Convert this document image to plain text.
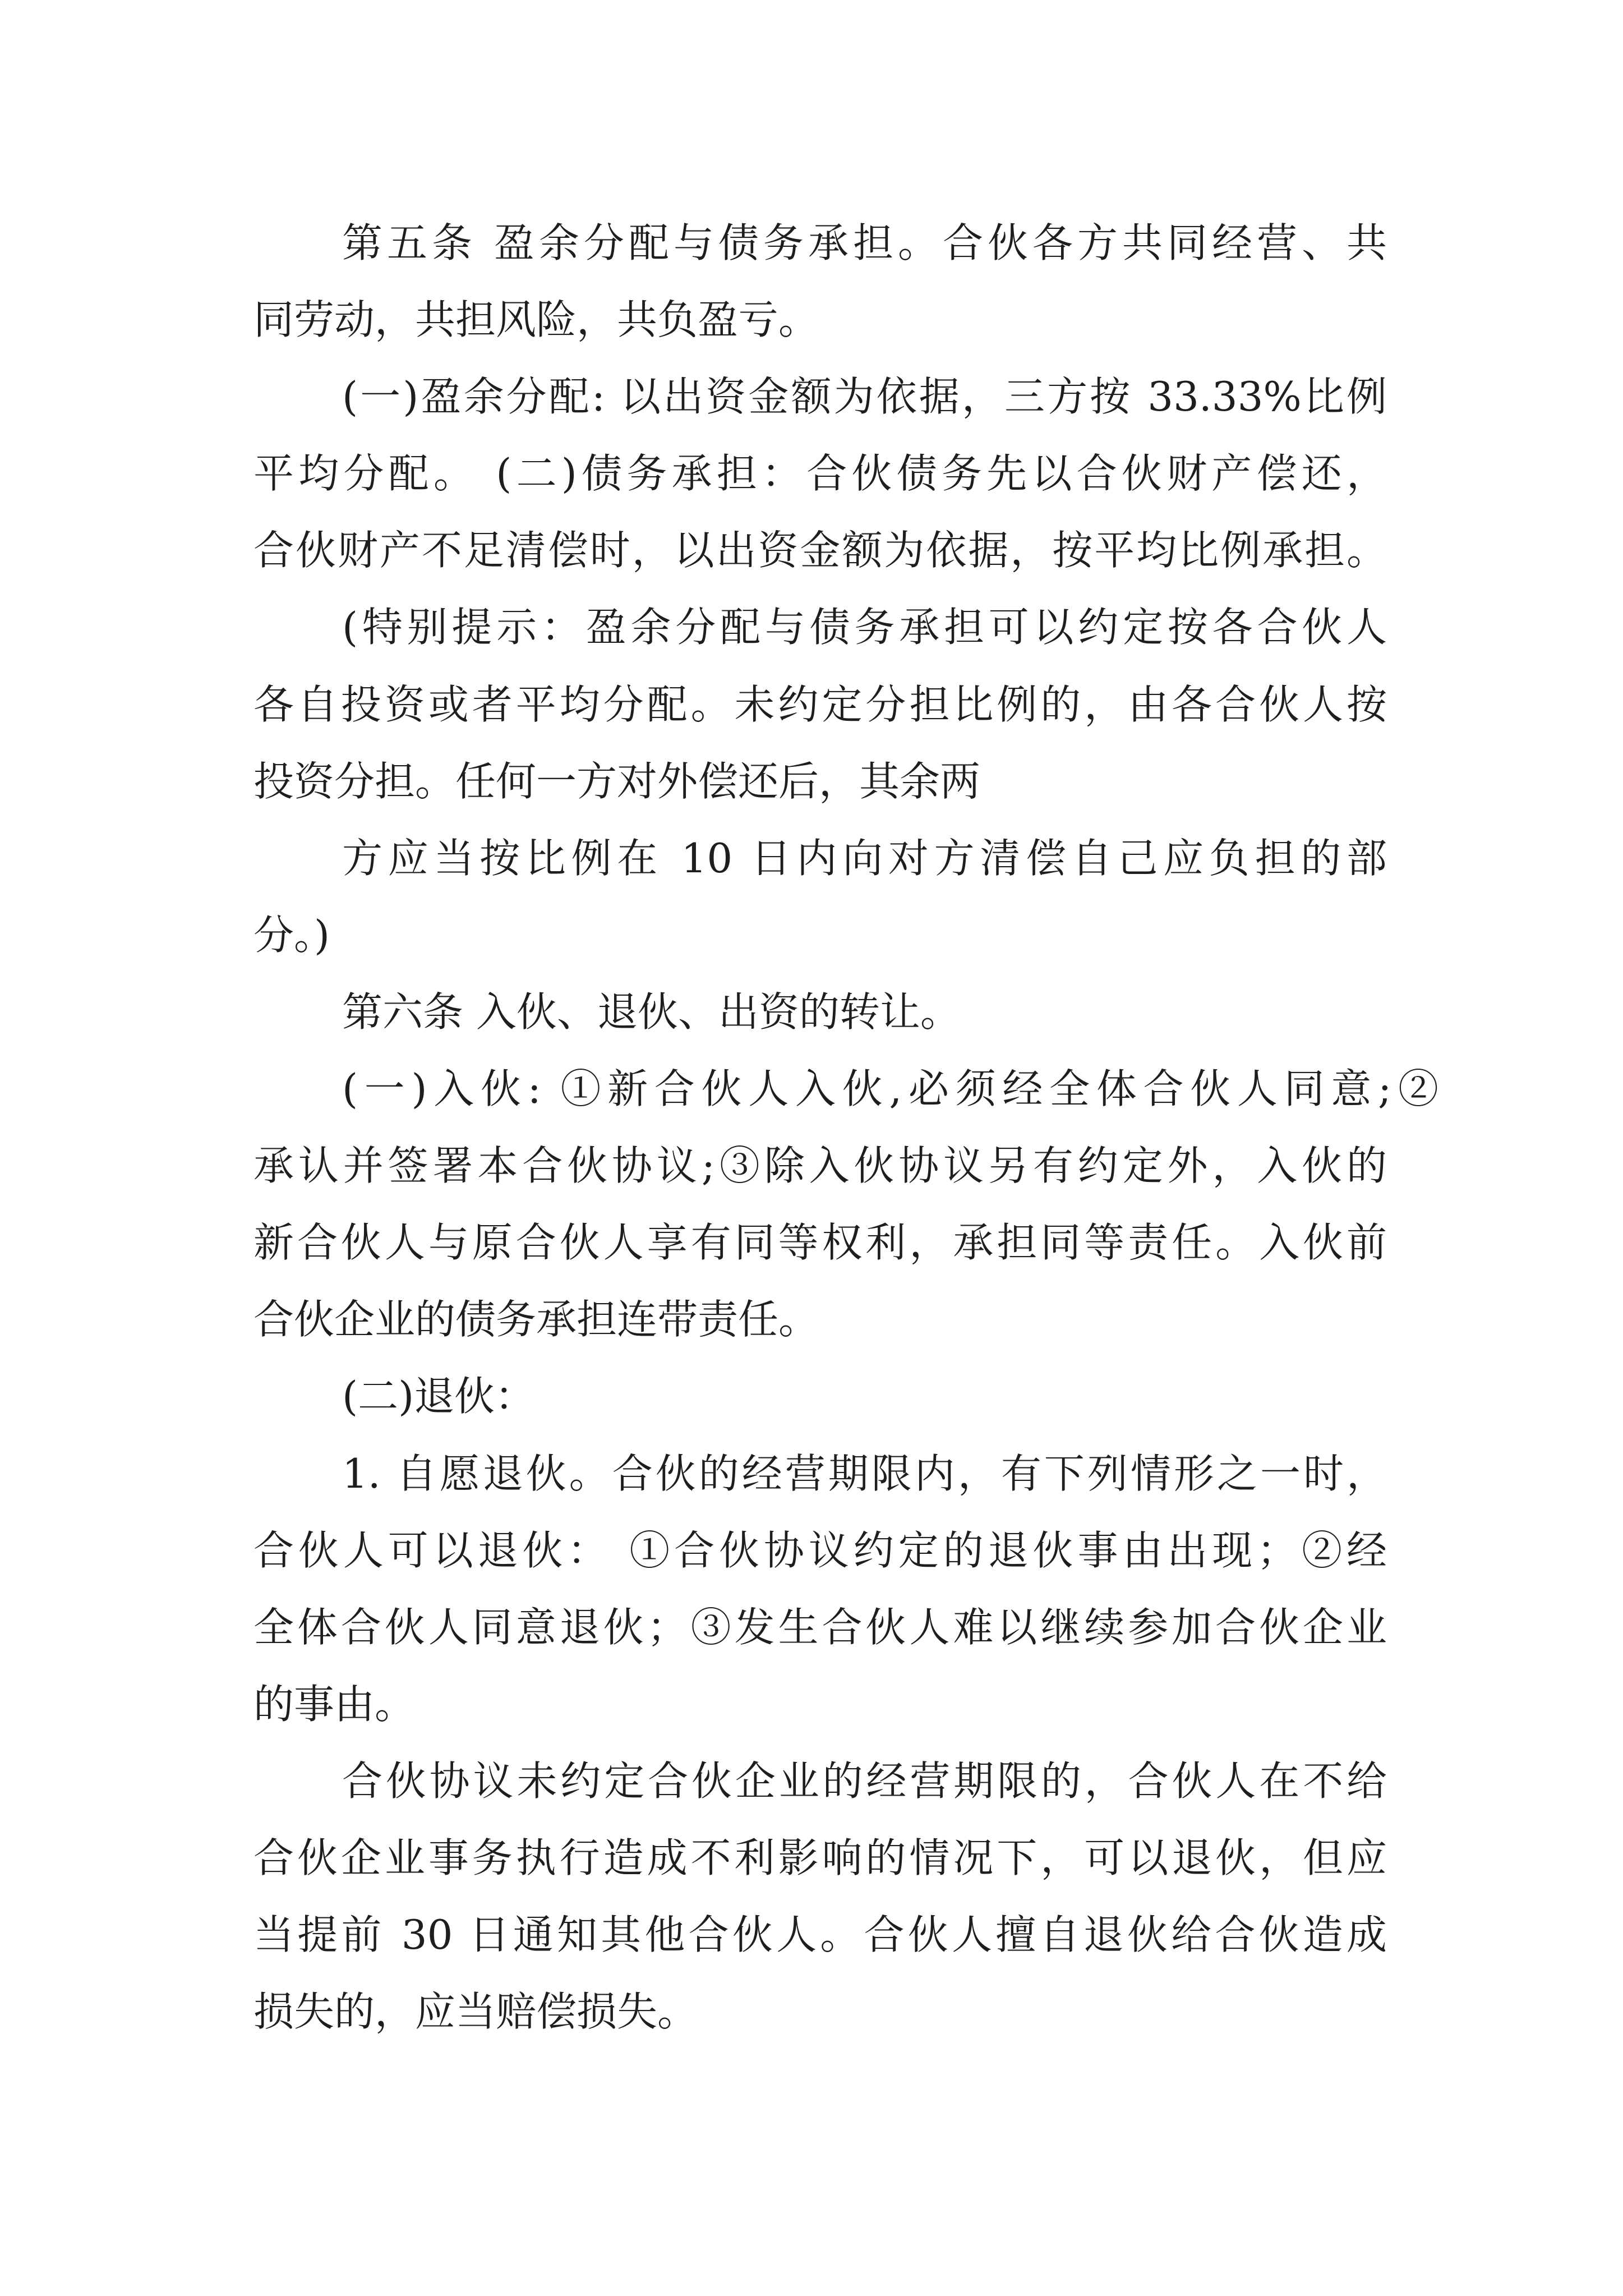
第五条 盈余分配与债务承担。合伙各方共同经营、共
同劳动，共担风险，共负盈亏。
(一)盈余分配: 以出资金额为依据，三方按 33.33%比例
平均分配。 (二)债务承担：合伙债务先以合伙财产偿还，
合伙财产不足清偿时，以出资金额为依据，按平均比例承担。
(特别提示：盈余分配与债务承担可以约定按各合伙人
各自投资或者平均分配。未约定分担比例的，由各合伙人按
投资分担。任何一方对外偿还后，其余两
方应当按比例在 10 日内向对方清偿自己应负担的部
分。)
第六条 入伙、退伙、出资的转让。
(一)入伙: ①新合伙人入伙,必须经全体合伙人同意;②
承认并签署本合伙协议;③除入伙协议另有约定外，入伙的
新合伙人与原合伙人享有同等权利，承担同等责任。入伙前
合伙企业的债务承担连带责任。
(二)退伙：
1. 自愿退伙。合伙的经营期限内，有下列情形之一时，
合伙人可以退伙： ①合伙协议约定的退伙事由出现；②经
全体合伙人同意退伙；③发生合伙人难以继续参加合伙企业
的事由。
合伙协议未约定合伙企业的经营期限的，合伙人在不给
合伙企业事务执行造成不利影响的情况下，可以退伙，但应
当提前 30 日通知其他合伙人。合伙人擅自退伙给合伙造成
损失的，应当赔偿损失。
